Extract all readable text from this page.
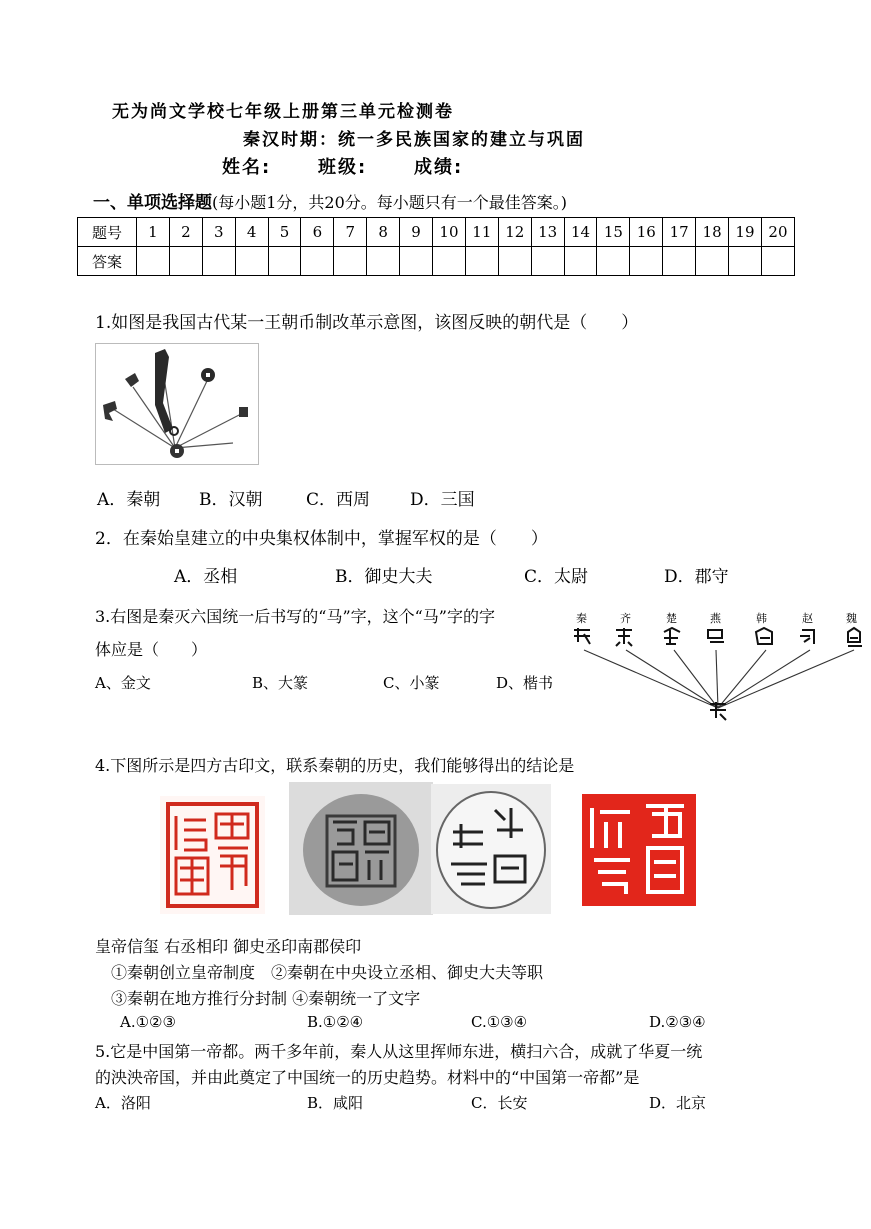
无为尚文学校七年级上册第三单元检测卷
秦汉时期：统一多民族国家的建立与巩固
姓名:	班级:	成绩:
一、单项选择题(每小题1分，共20分。每小题只有一个最佳答案。)
题号	1	2	3	4	5	6	7	8	9	10	11	12	13	14	15	16	17	18	19	20
答案																				
1.如图是我国古代某一王朝币制改革示意图，该图反映的朝代是（　　）
A．秦朝 B．汉朝	C．西周 D．三国
2．在秦始皇建立的中央集权体制中，掌握军权的是（　　）
A．丞相	B．御史大夫	C．太尉	D．郡守
3.右图是秦灭六国统一后书写的“马”字，这个“马”字的字
体应是（　　）
A、金文	B、大篆	C、小篆	D、楷书
秦	齐	楚	燕	韩	赵	魏
4.下图所示是四方古印文，联系秦朝的历史，我们能够得出的结论是
皇帝信玺 右丞相印 御史丞印南郡侯印
①秦朝创立皇帝制度　②秦朝在中央设立丞相、御史大夫等职
③秦朝在地方推行分封制 ④秦朝统一了文字
A.①②③	B.①②④	C.①③④	D.②③④
5.它是中国第一帝都。两千多年前，秦人从这里挥师东进，横扫六合，成就了华夏一统
的泱泱帝国，并由此奠定了中国统一的历史趋势。材料中的“中国第一帝都”是
A．洛阳	B．咸阳	C．长安	D．北京
